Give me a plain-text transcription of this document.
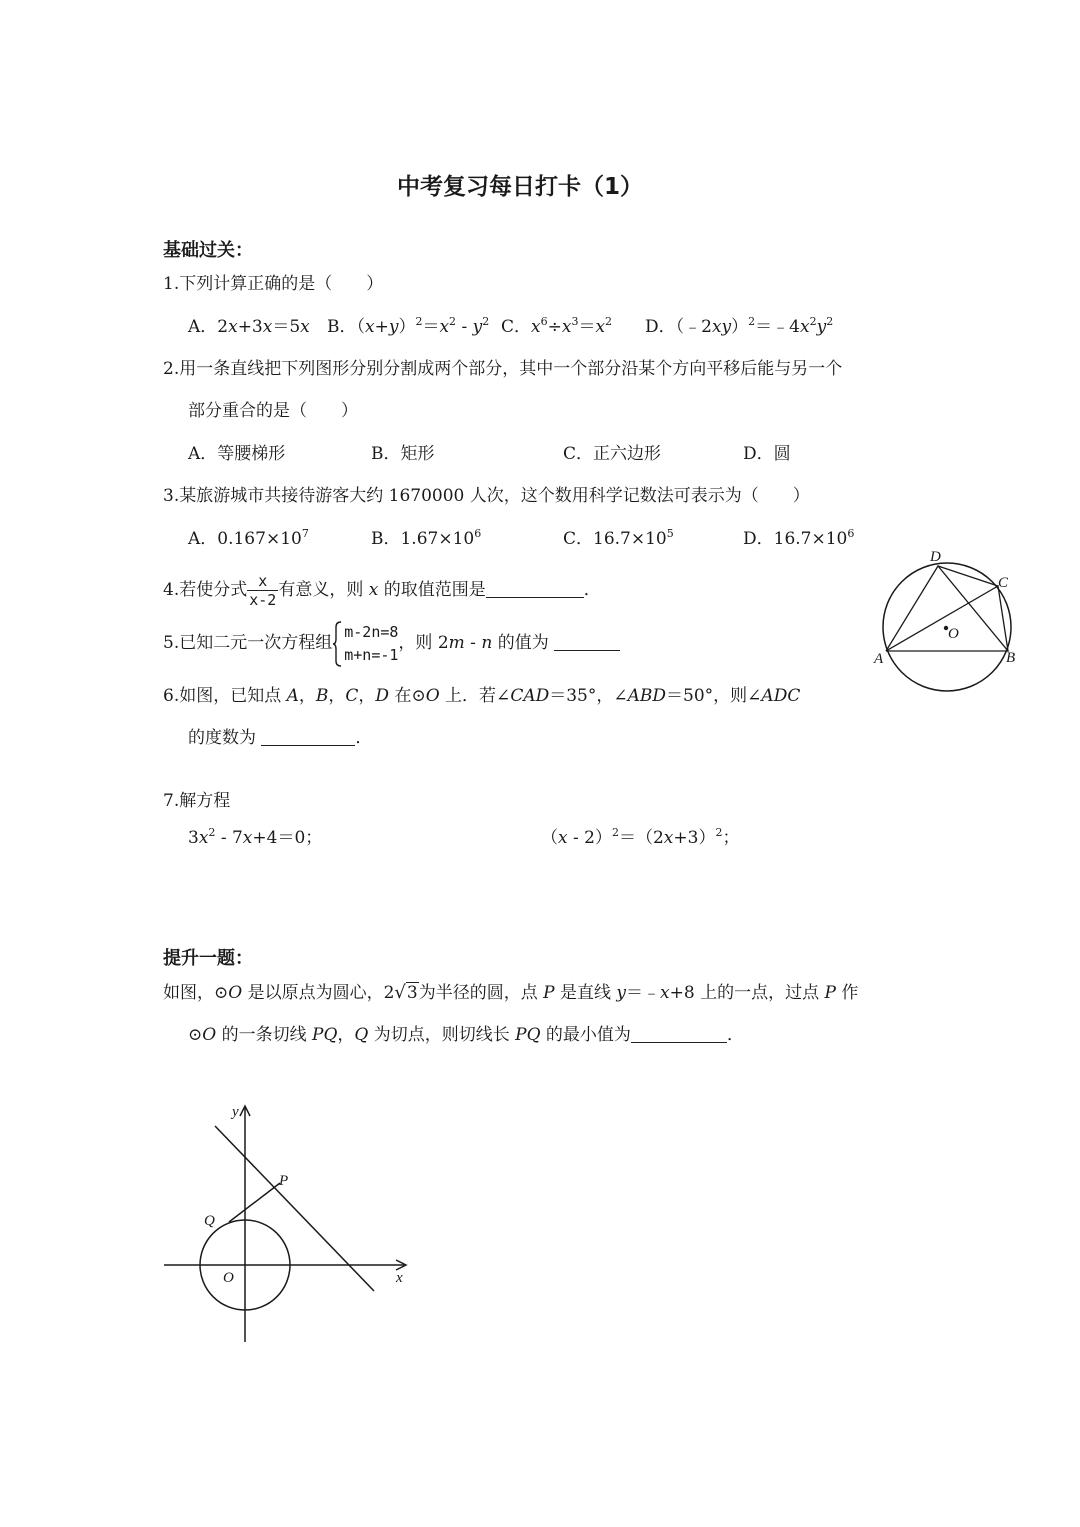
中考复习每日打卡（1）
基础过关：
1.下列计算正确的是（　　）
A．2x+3x＝5x B．$(x+y)^2=x^2 - y^2$ C．$x^6\div x^3=x^2$ D．$(﹣2xy)^2=﹣4x^2y^2$
2.用一条直线把下列图形分别分割成两个部分，其中一个部分沿某个方向平移后能与另一个
部分重合的是（　　）
A．等腰梯形	B．矩形	C．正六边形	D．圆
3.某旅游城市共接待游客大约 1670000 人次，这个数用科学记数法可表示为（　　）
A．$0.167\times 10^7$	B．$1.67\times 10^6$	C．$16.7\times 10^5$	D．$16.7\times 10^6$
4.若使分式 $\frac{x}{x-2}$ 有意义，则 x 的取值范围是	．
5.已知二元一次方程组
m-2n=8
m+n=-1
，则 2m - n 的值为
6.如图，已知点 A，B，C，D 在⊙O 上．若∠CAD＝35°，∠ABD＝50°，则∠ADC
的度数为	．
D
C
A	B
O
7.解方程
$3x^2 - 7x+4=0$；	$(x - 2)^2=(2x+3)^2$；
提升一题：
如图，⊙O 是以原点为圆心，2√3为半径的圆，点 P 是直线 y＝﹣x+8 上的一点，过点 P 作
⊙O 的一条切线 PQ，Q 为切点，则切线长 PQ 的最小值为	．
y
x
P
Q
O
